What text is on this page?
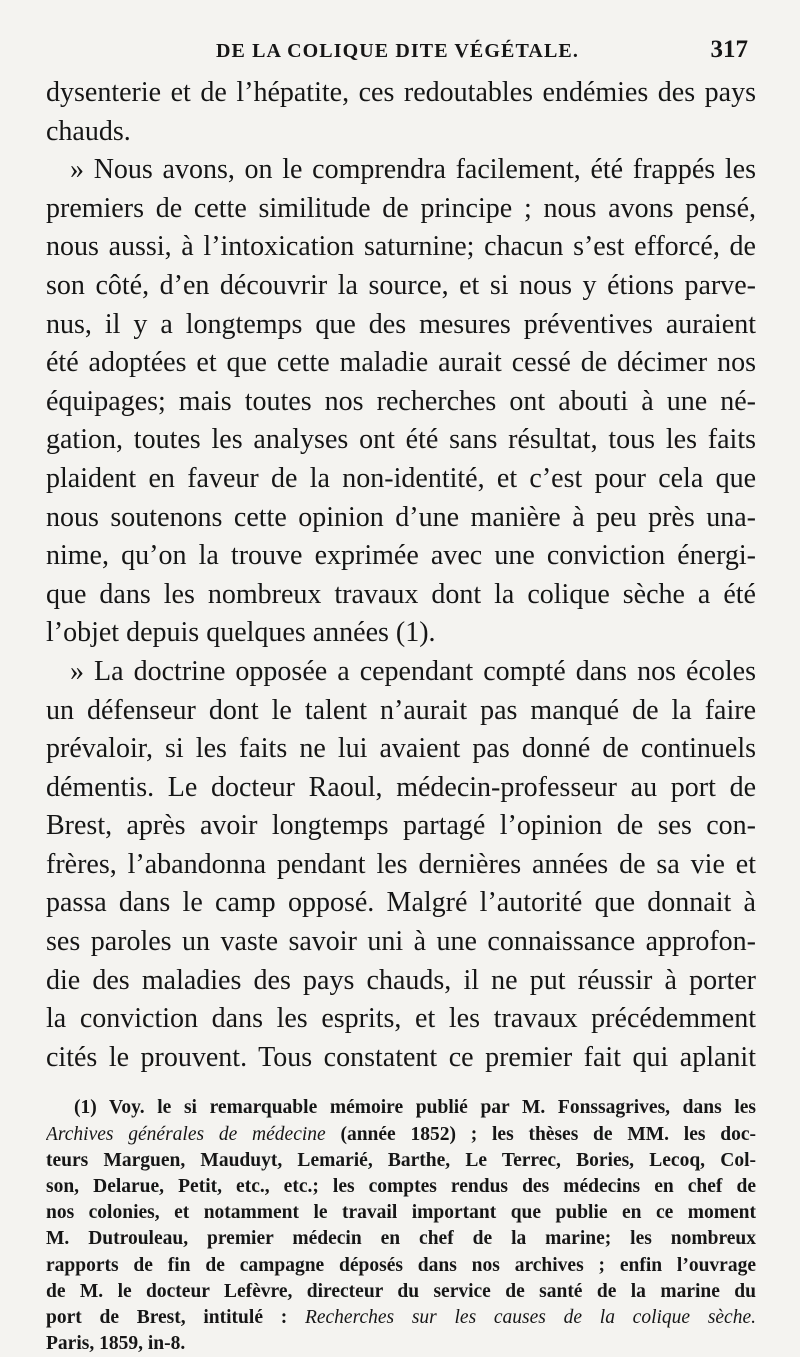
DE LA COLIQUE DITE VÉGÉTALE.	317
dysenterie et de l’hépatite, ces redoutables endémies des pays
chauds.
» Nous avons, on le comprendra facilement, été frappés les
premiers de cette similitude de principe ; nous avons pensé,
nous aussi, à l’intoxication saturnine; chacun s’est efforcé, de
son côté, d’en découvrir la source, et si nous y étions parve-
nus, il y a longtemps que des mesures préventives auraient
été adoptées et que cette maladie aurait cessé de décimer nos
équipages; mais toutes nos recherches ont abouti à une né-
gation, toutes les analyses ont été sans résultat, tous les faits
plaident en faveur de la non-identité, et c’est pour cela que
nous soutenons cette opinion d’une manière à peu près una-
nime, qu’on la trouve exprimée avec une conviction énergi-
que dans les nombreux travaux dont la colique sèche a été
l’objet depuis quelques années (1).
» La doctrine opposée a cependant compté dans nos écoles
un défenseur dont le talent n’aurait pas manqué de la faire
prévaloir, si les faits ne lui avaient pas donné de continuels
démentis. Le docteur Raoul, médecin-professeur au port de
Brest, après avoir longtemps partagé l’opinion de ses con-
frères, l’abandonna pendant les dernières années de sa vie et
passa dans le camp opposé. Malgré l’autorité que donnait à
ses paroles un vaste savoir uni à une connaissance approfon-
die des maladies des pays chauds, il ne put réussir à porter
la conviction dans les esprits, et les travaux précédemment
cités le prouvent. Tous constatent ce premier fait qui aplanit
(1) Voy. le si remarquable mémoire publié par M. Fonssagrives, dans les
Archives générales de médecine (année 1852) ; les thèses de MM. les doc-
teurs Marguen, Mauduyt, Lemarié, Barthe, Le Terrec, Bories, Lecoq, Col-
son, Delarue, Petit, etc., etc.; les comptes rendus des médecins en chef de
nos colonies, et notamment le travail important que publie en ce moment
M. Dutrouleau, premier médecin en chef de la marine; les nombreux
rapports de fin de campagne déposés dans nos archives ; enfin l’ouvrage
de M. le docteur Lefèvre, directeur du service de santé de la marine du
port de Brest, intitulé : Recherches sur les causes de la colique sèche.
Paris, 1859, in-8.
